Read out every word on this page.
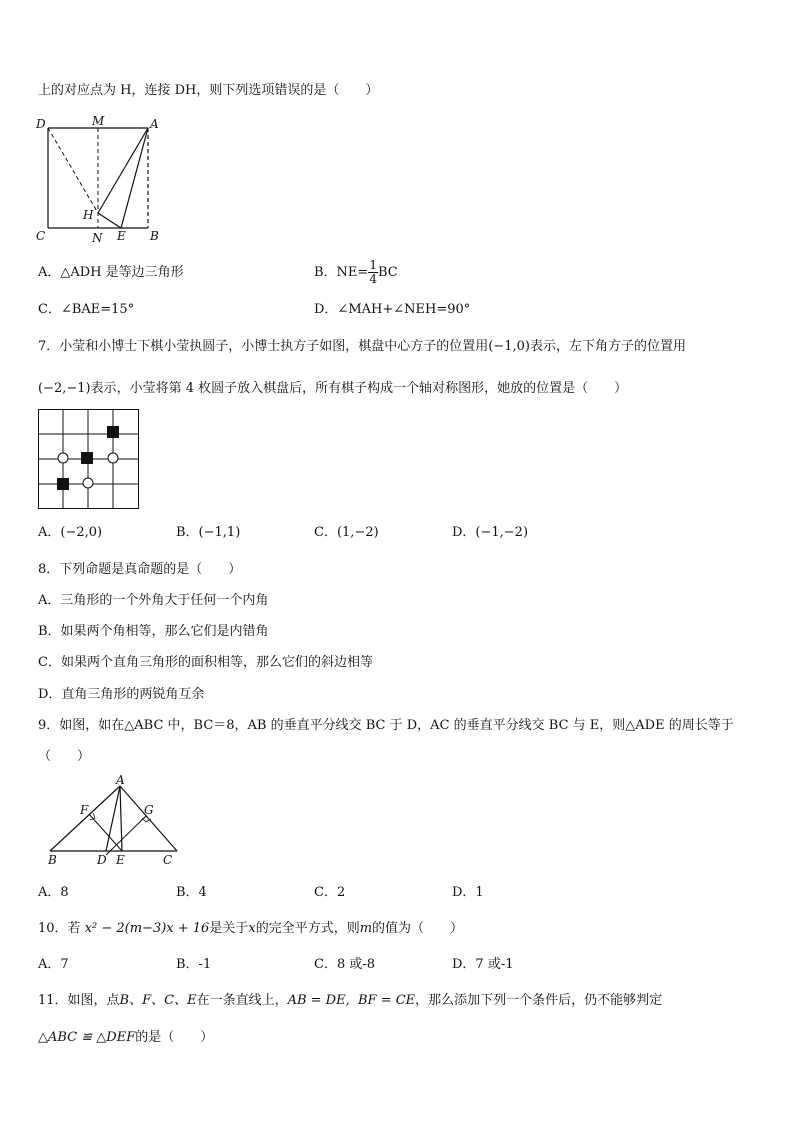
上的对应点为 H，连接 DH，则下列选项错误的是（　　）
D	M	A
H
C	N E B
A．△ADH 是等边三角形	B．$NE= \frac{1}{4}$ BC
C．∠BAE=15°	D．∠MAH+∠NEH=90°
7．小莹和小博士下棋小莹执圆子，小博士执方子如图，棋盘中心方子的位置用(−1,0)表示，左下角方子的位置用
(−2,−1)表示，小莹将第 4 枚圆子放入棋盘后，所有棋子构成一个轴对称图形，她放的位置是（　　）
A．(−2,0)	B．(−1,1)	C．(1,−2)	D．(−1,−2)
8．下列命题是真命题的是（　　）
A．三角形的一个外角大于任何一个内角
B．如果两个角相等，那么它们是内错角
C．如果两个直角三角形的面积相等，那么它们的斜边相等
D．直角三角形的两锐角互余
9．如图，如在△ABC 中，BC＝8，AB 的垂直平分线交 BC 于 D，AC 的垂直平分线交 BC 与 E，则△ADE 的周长等于
（　　）
A
F	G
B	D E	C
A．8	B．4	C．2	D．1
10．若 x² − 2(m−3)x + 16是关于x的完全平方式，则m的值为（　　）
A．7	B．-1	C．8 或-8	D．7 或-1
11．如图，点B、F、C、E在一条直线上，AB = DE, BF = CE，那么添加下列一个条件后，仍不能够判定
△ABC ≌ △DEF的是（　　）
